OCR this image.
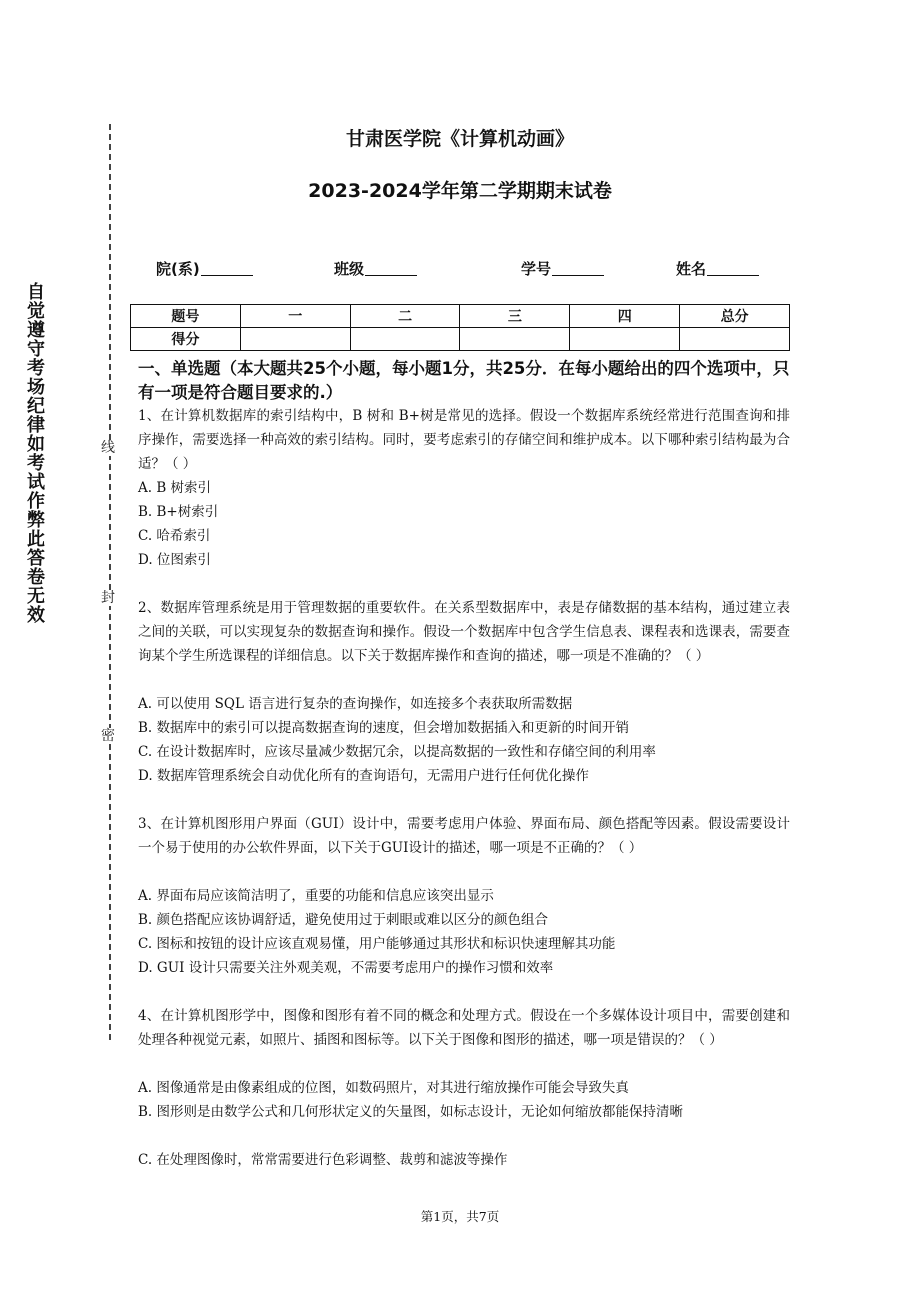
自觉遵守考场纪律如考试作弊此答卷无效	线
封
密
甘肃医学院《计算机动画》
2023-2024学年第二学期期末试卷
院(系)	班级	学号	姓名
题号	一	二	三	四	总分
得分					
一、单选题（本大题共25个小题，每小题1分，共25分．在每小题给出的四个选项中，只有一项是符合题目要求的.）
1、在计算机数据库的索引结构中，B 树和 B+树是常见的选择。假设一个数据库系统经常进行范围查询和排序操作，需要选择一种高效的索引结构。同时，要考虑索引的存储空间和维护成本。以下哪种索引结构最为合适？（ ）
A. B 树索引
B. B+树索引
C. 哈希索引
D. 位图索引
2、数据库管理系统是用于管理数据的重要软件。在关系型数据库中，表是存储数据的基本结构，通过建立表之间的关联，可以实现复杂的数据查询和操作。假设一个数据库中包含学生信息表、课程表和选课表，需要查询某个学生所选课程的详细信息。以下关于数据库操作和查询的描述，哪一项是不准确的？（ ）
A. 可以使用 SQL 语言进行复杂的查询操作，如连接多个表获取所需数据
B. 数据库中的索引可以提高数据查询的速度，但会增加数据插入和更新的时间开销
C. 在设计数据库时，应该尽量减少数据冗余，以提高数据的一致性和存储空间的利用率
D. 数据库管理系统会自动优化所有的查询语句，无需用户进行任何优化操作
3、在计算机图形用户界面（GUI）设计中，需要考虑用户体验、界面布局、颜色搭配等因素。假设需要设计一个易于使用的办公软件界面，以下关于GUI设计的描述，哪一项是不正确的？（ ）
A. 界面布局应该简洁明了，重要的功能和信息应该突出显示
B. 颜色搭配应该协调舒适，避免使用过于刺眼或难以区分的颜色组合
C. 图标和按钮的设计应该直观易懂，用户能够通过其形状和标识快速理解其功能
D. GUI 设计只需要关注外观美观，不需要考虑用户的操作习惯和效率
4、在计算机图形学中，图像和图形有着不同的概念和处理方式。假设在一个多媒体设计项目中，需要创建和处理各种视觉元素，如照片、插图和图标等。以下关于图像和图形的描述，哪一项是错误的？（ ）
A. 图像通常是由像素组成的位图，如数码照片，对其进行缩放操作可能会导致失真
B. 图形则是由数学公式和几何形状定义的矢量图，如标志设计，无论如何缩放都能保持清晰
C. 在处理图像时，常常需要进行色彩调整、裁剪和滤波等操作
第1页，共7页
